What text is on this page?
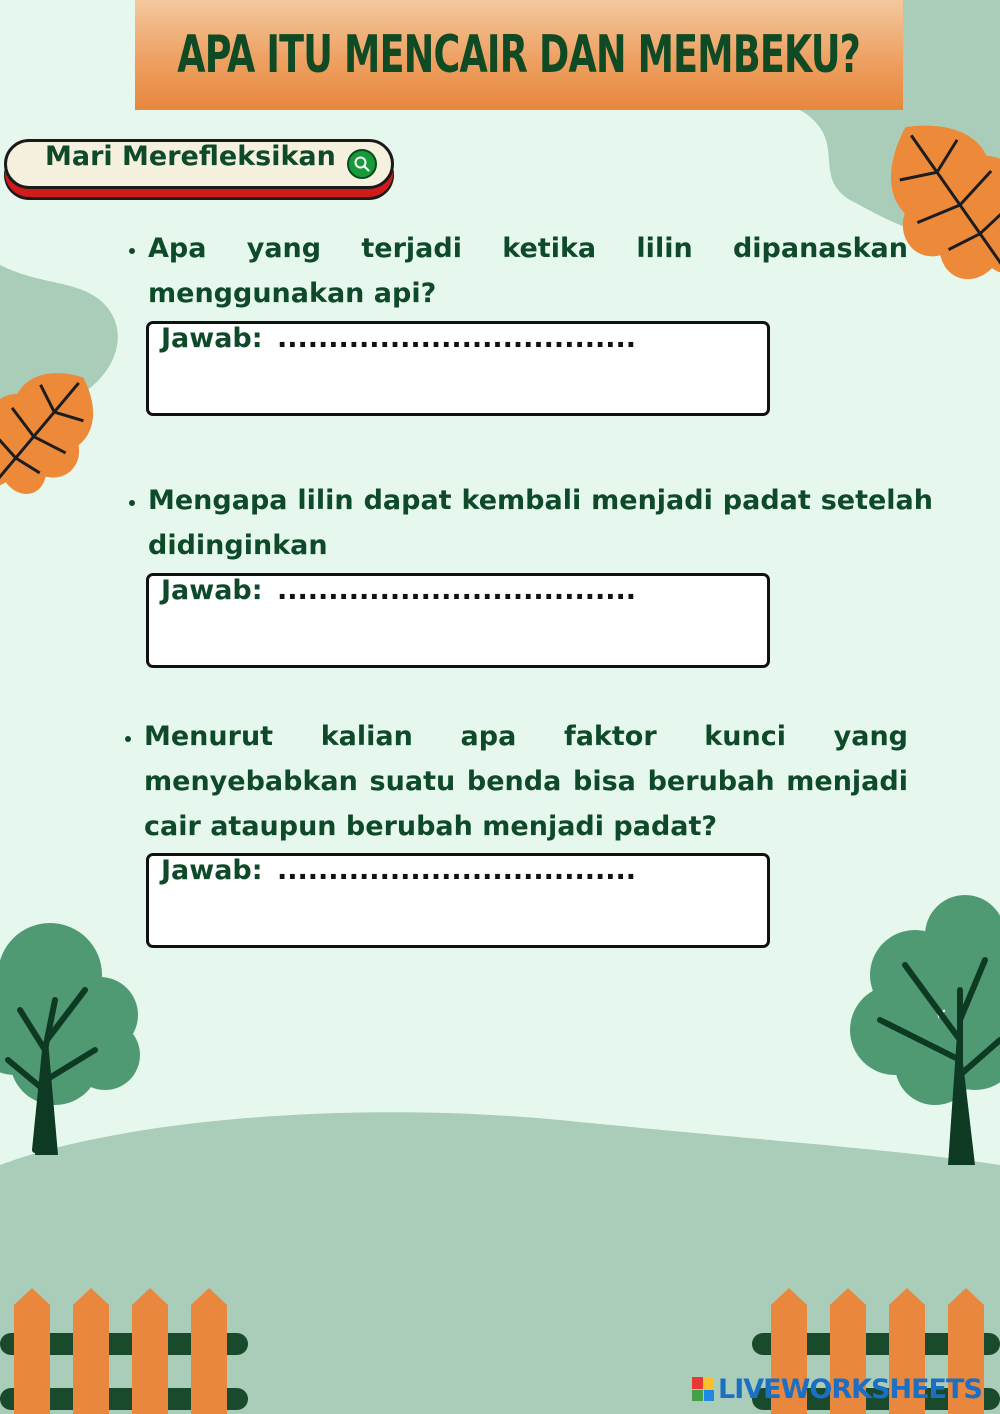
APA ITU MENCAIR DAN MEMBEKU?
Mari Merefleksikan
• Apa yang terjadi ketika lilin dipanaskan menggunakan api?
Jawab: ...................................
• Mengapa lilin dapat kembali menjadi padat setelah didinginkan
Jawab: ...................................
• Menurut kalian apa faktor kunci yang menyebabkan suatu benda bisa berubah menjadi cair ataupun berubah menjadi padat?
Jawab: ...................................
LIVEWORKSHEETS
